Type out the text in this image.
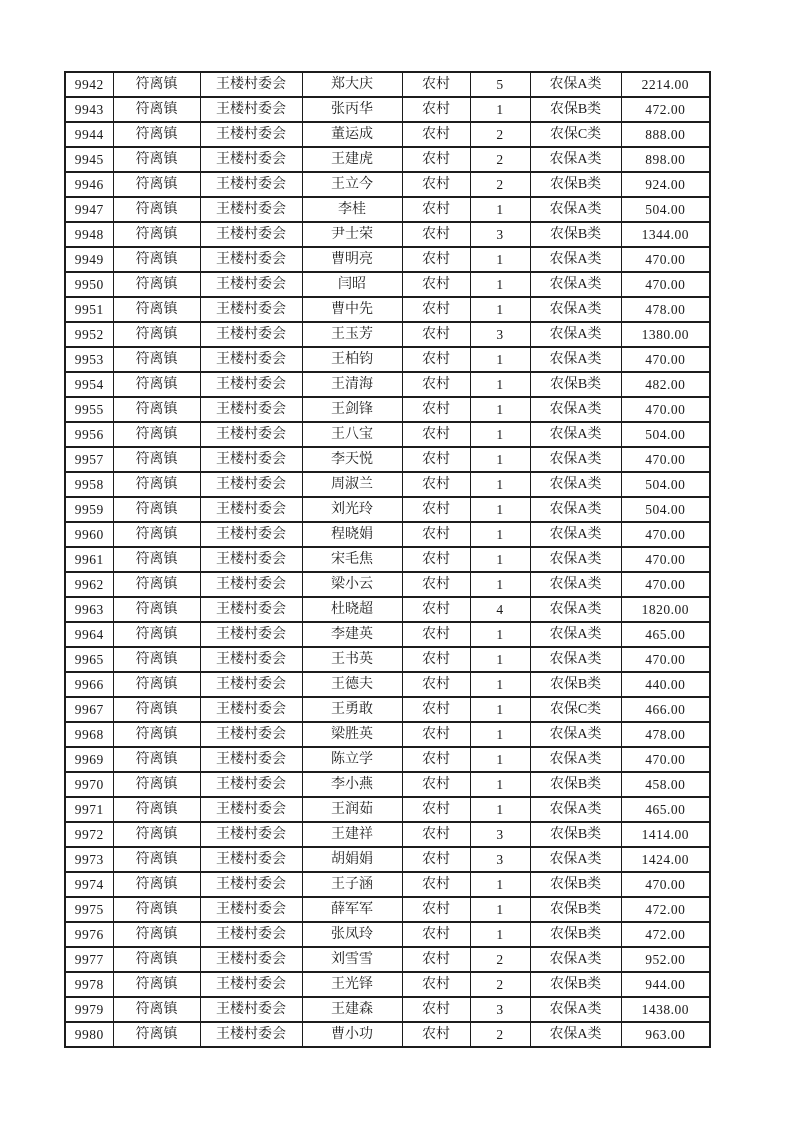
9942	符离镇	王楼村委会	郑大庆	农村	5	农保A类	2214.00
9943	符离镇	王楼村委会	张丙华	农村	1	农保B类	472.00
9944	符离镇	王楼村委会	董运成	农村	2	农保C类	888.00
9945	符离镇	王楼村委会	王建虎	农村	2	农保A类	898.00
9946	符离镇	王楼村委会	王立今	农村	2	农保B类	924.00
9947	符离镇	王楼村委会	李桂	农村	1	农保A类	504.00
9948	符离镇	王楼村委会	尹士荣	农村	3	农保B类	1344.00
9949	符离镇	王楼村委会	曹明亮	农村	1	农保A类	470.00
9950	符离镇	王楼村委会	闫昭	农村	1	农保A类	470.00
9951	符离镇	王楼村委会	曹中先	农村	1	农保A类	478.00
9952	符离镇	王楼村委会	王玉芳	农村	3	农保A类	1380.00
9953	符离镇	王楼村委会	王柏钧	农村	1	农保A类	470.00
9954	符离镇	王楼村委会	王清海	农村	1	农保B类	482.00
9955	符离镇	王楼村委会	王剑锋	农村	1	农保A类	470.00
9956	符离镇	王楼村委会	王八宝	农村	1	农保A类	504.00
9957	符离镇	王楼村委会	李天悦	农村	1	农保A类	470.00
9958	符离镇	王楼村委会	周淑兰	农村	1	农保A类	504.00
9959	符离镇	王楼村委会	刘光玲	农村	1	农保A类	504.00
9960	符离镇	王楼村委会	程晓娟	农村	1	农保A类	470.00
9961	符离镇	王楼村委会	宋毛焦	农村	1	农保A类	470.00
9962	符离镇	王楼村委会	梁小云	农村	1	农保A类	470.00
9963	符离镇	王楼村委会	杜晓超	农村	4	农保A类	1820.00
9964	符离镇	王楼村委会	李建英	农村	1	农保A类	465.00
9965	符离镇	王楼村委会	王书英	农村	1	农保A类	470.00
9966	符离镇	王楼村委会	王德夫	农村	1	农保B类	440.00
9967	符离镇	王楼村委会	王勇敢	农村	1	农保C类	466.00
9968	符离镇	王楼村委会	梁胜英	农村	1	农保A类	478.00
9969	符离镇	王楼村委会	陈立学	农村	1	农保A类	470.00
9970	符离镇	王楼村委会	李小燕	农村	1	农保B类	458.00
9971	符离镇	王楼村委会	王润茹	农村	1	农保A类	465.00
9972	符离镇	王楼村委会	王建祥	农村	3	农保B类	1414.00
9973	符离镇	王楼村委会	胡娟娟	农村	3	农保A类	1424.00
9974	符离镇	王楼村委会	王子涵	农村	1	农保B类	470.00
9975	符离镇	王楼村委会	薛军军	农村	1	农保B类	472.00
9976	符离镇	王楼村委会	张凤玲	农村	1	农保B类	472.00
9977	符离镇	王楼村委会	刘雪雪	农村	2	农保A类	952.00
9978	符离镇	王楼村委会	王光铎	农村	2	农保B类	944.00
9979	符离镇	王楼村委会	王建森	农村	3	农保A类	1438.00
9980	符离镇	王楼村委会	曹小功	农村	2	农保A类	963.00
